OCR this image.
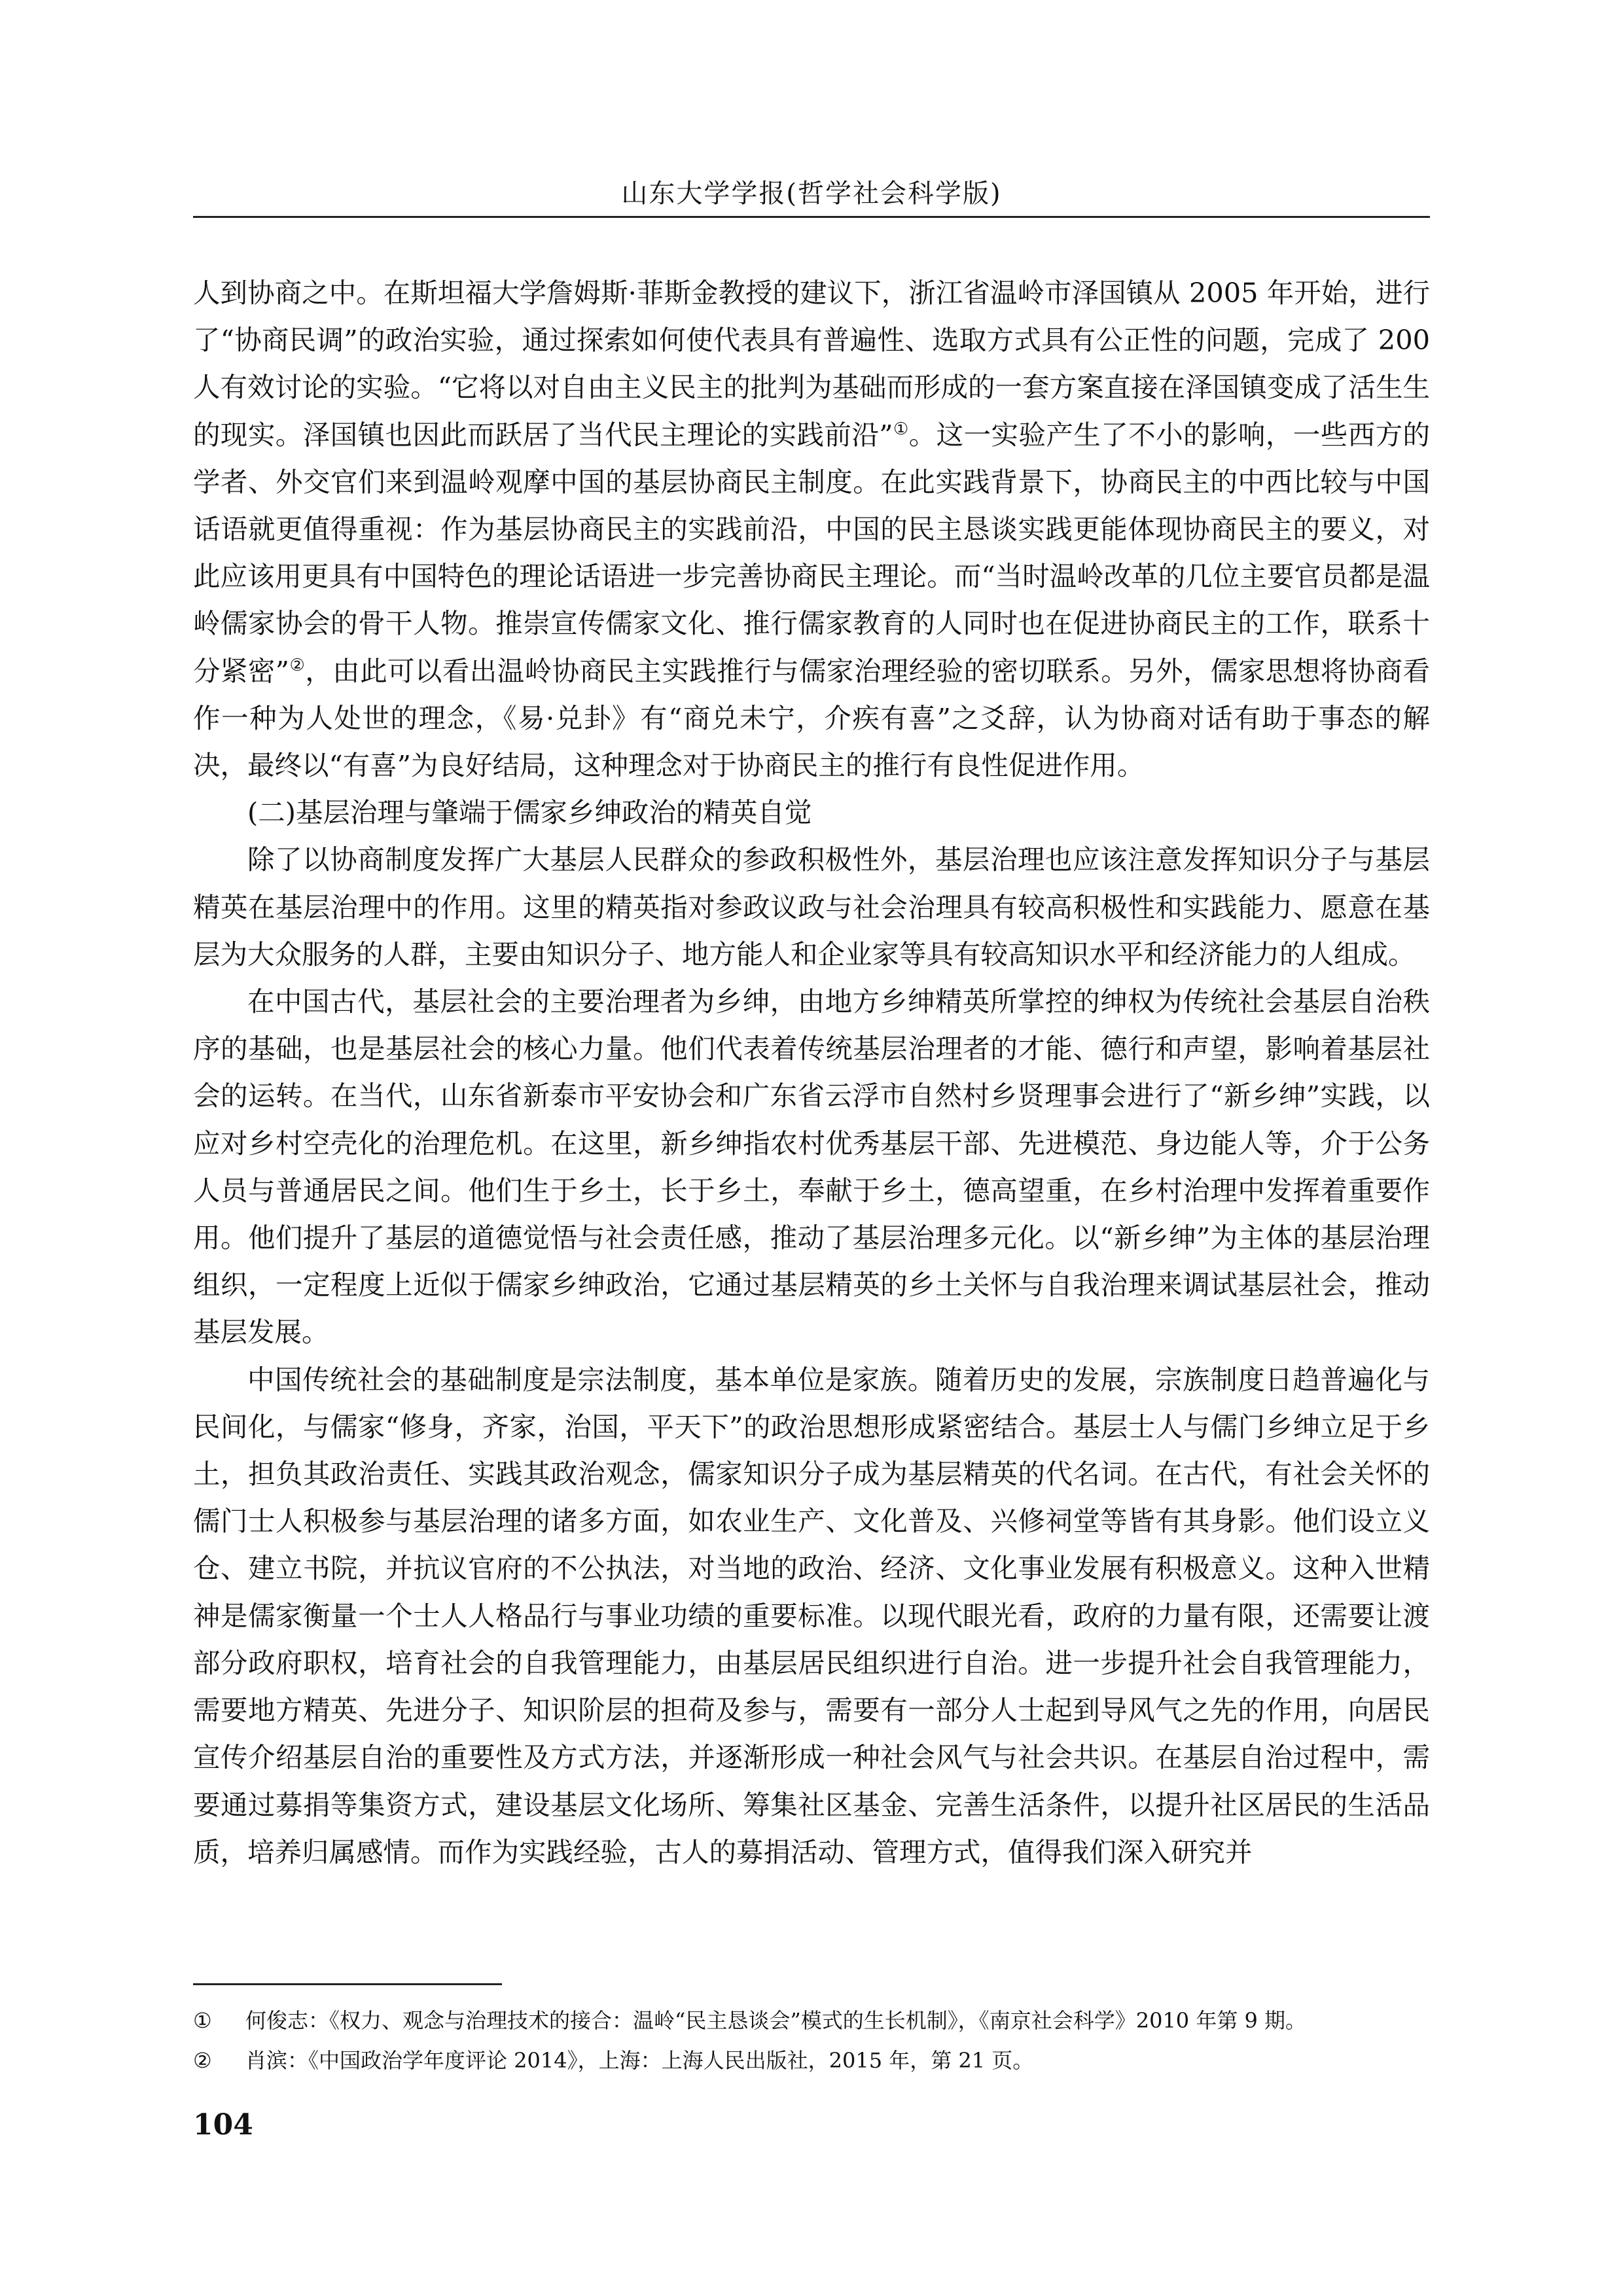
山东大学学报(哲学社会科学版)

人到协商之中。在斯坦福大学詹姆斯·菲斯金教授的建议下，浙江省温岭市泽国镇从 2005 年开始，进行了“协商民调”的政治实验，通过探索如何使代表具有普遍性、选取方式具有公正性的问题，完成了 200 人有效讨论的实验。“它将以对自由主义民主的批判为基础而形成的一套方案直接在泽国镇变成了活生生的现实。泽国镇也因此而跃居了当代民主理论的实践前沿”①。这一实验产生了不小的影响，一些西方的学者、外交官们来到温岭观摩中国的基层协商民主制度。在此实践背景下，协商民主的中西比较与中国话语就更值得重视：作为基层协商民主的实践前沿，中国的民主恳谈实践更能体现协商民主的要义，对此应该用更具有中国特色的理论话语进一步完善协商民主理论。而“当时温岭改革的几位主要官员都是温岭儒家协会的骨干人物。推崇宣传儒家文化、推行儒家教育的人同时也在促进协商民主的工作，联系十分紧密”②，由此可以看出温岭协商民主实践推行与儒家治理经验的密切联系。另外，儒家思想将协商看作一种为人处世的理念，《易·兑卦》有“商兑未宁，介疾有喜”之爻辞，认为协商对话有助于事态的解决，最终以“有喜”为良好结局，这种理念对于协商民主的推行有良性促进作用。

(二)基层治理与肇端于儒家乡绅政治的精英自觉

除了以协商制度发挥广大基层人民群众的参政积极性外，基层治理也应该注意发挥知识分子与基层精英在基层治理中的作用。这里的精英指对参政议政与社会治理具有较高积极性和实践能力、愿意在基层为大众服务的人群，主要由知识分子、地方能人和企业家等具有较高知识水平和经济能力的人组成。

在中国古代，基层社会的主要治理者为乡绅，由地方乡绅精英所掌控的绅权为传统社会基层自治秩序的基础，也是基层社会的核心力量。他们代表着传统基层治理者的才能、德行和声望，影响着基层社会的运转。在当代，山东省新泰市平安协会和广东省云浮市自然村乡贤理事会进行了“新乡绅”实践，以应对乡村空壳化的治理危机。在这里，新乡绅指农村优秀基层干部、先进模范、身边能人等，介于公务人员与普通居民之间。他们生于乡土，长于乡土，奉献于乡土，德高望重，在乡村治理中发挥着重要作用。他们提升了基层的道德觉悟与社会责任感，推动了基层治理多元化。以“新乡绅”为主体的基层治理组织，一定程度上近似于儒家乡绅政治，它通过基层精英的乡土关怀与自我治理来调试基层社会，推动基层发展。

中国传统社会的基础制度是宗法制度，基本单位是家族。随着历史的发展，宗族制度日趋普遍化与民间化，与儒家“修身，齐家，治国，平天下”的政治思想形成紧密结合。基层士人与儒门乡绅立足于乡土，担负其政治责任、实践其政治观念，儒家知识分子成为基层精英的代名词。在古代，有社会关怀的儒门士人积极参与基层治理的诸多方面，如农业生产、文化普及、兴修祠堂等皆有其身影。他们设立义仓、建立书院，并抗议官府的不公执法，对当地的政治、经济、文化事业发展有积极意义。这种入世精神是儒家衡量一个士人人格品行与事业功绩的重要标准。以现代眼光看，政府的力量有限，还需要让渡部分政府职权，培育社会的自我管理能力，由基层居民组织进行自治。进一步提升社会自我管理能力，需要地方精英、先进分子、知识阶层的担荷及参与，需要有一部分人士起到导风气之先的作用，向居民宣传介绍基层自治的重要性及方式方法，并逐渐形成一种社会风气与社会共识。在基层自治过程中，需要通过募捐等集资方式，建设基层文化场所、筹集社区基金、完善生活条件，以提升社区居民的生活品质，培养归属感情。而作为实践经验，古人的募捐活动、管理方式，值得我们深入研究并

①	何俊志：《权力、观念与治理技术的接合：温岭“民主恳谈会”模式的生长机制》，《南京社会科学》2010 年第 9 期。
②	肖滨：《中国政治学年度评论 2014》，上海：上海人民出版社，2015 年，第 21 页。
104
